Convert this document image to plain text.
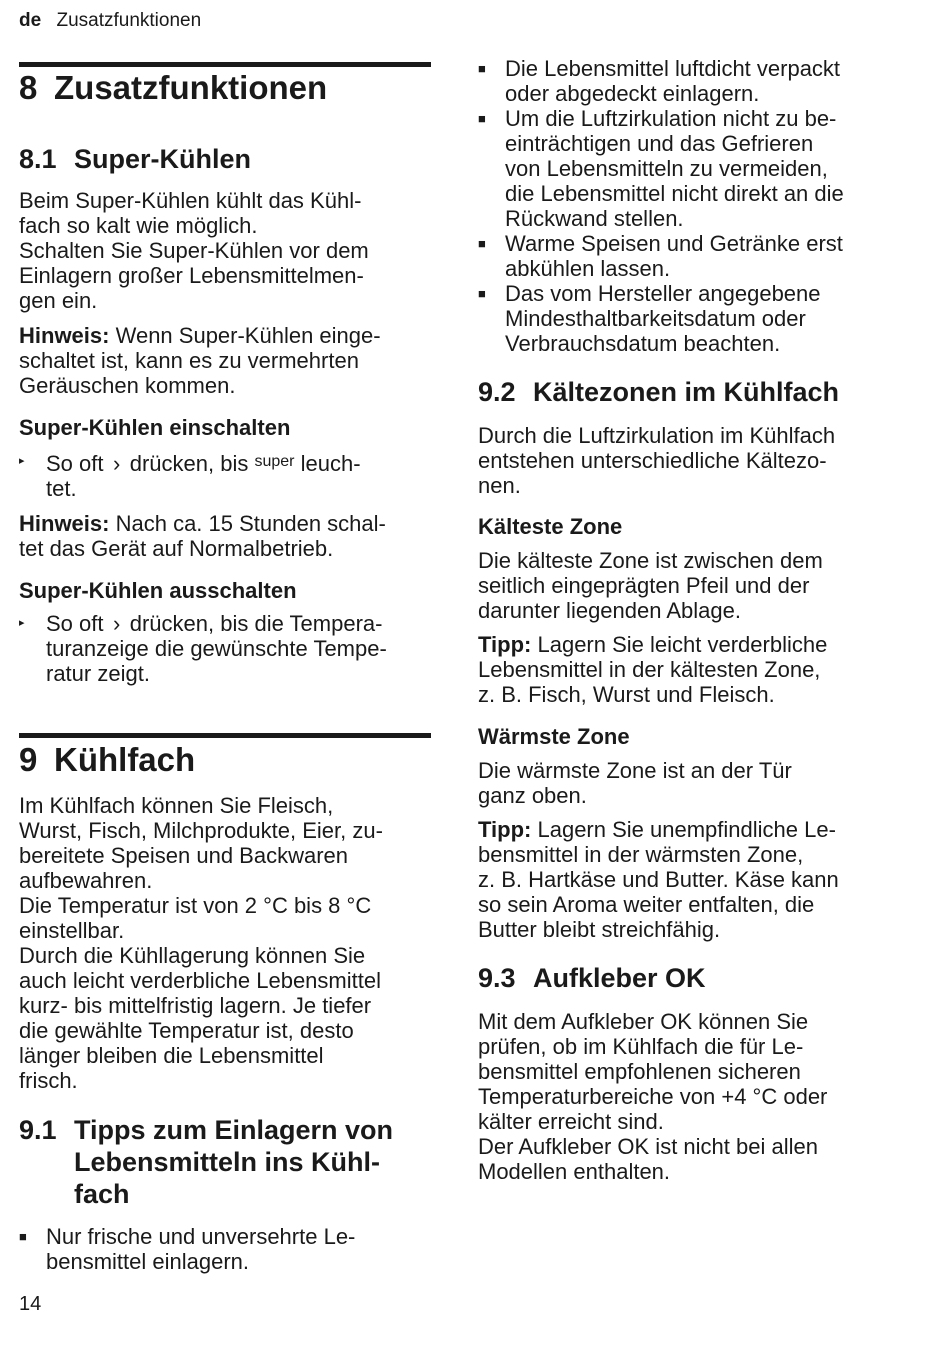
de Zusatzfunktionen
8 Zusatzfunktionen
8.1 Super-Kühlen

Beim Super-Kühlen kühlt das Kühl-

fach so kalt wie möglich.

Schalten Sie Super-Kühlen vor dem

Einlagern großer Lebensmittelmen-

gen ein.

Hinweis: Wenn Super-Kühlen einge-

schaltet ist, kann es zu vermehrten

Geräuschen kommen.

Super-Kühlen einschalten
▸ So oft › drücken, bis $^{super}$ leuch-

tet.

Hinweis: Nach ca. 15 Stunden schal-

tet das Gerät auf Normalbetrieb.

Super-Kühlen ausschalten
▸ So oft › drücken, bis die Tempera-

turanzeige die gewünschte Tempe-

ratur zeigt.

9 Kühlfach

Im Kühlfach können Sie Fleisch,

Wurst, Fisch, Milchprodukte, Eier, zu-

bereitete Speisen und Backwaren

aufbewahren.

Die Temperatur ist von 2 °C bis 8 °C

einstellbar.

Durch die Kühllagerung können Sie

auch leicht verderbliche Lebensmittel

kurz- bis mittelfristig lagern. Je tiefer

die gewählte Temperatur ist, desto

länger bleiben die Lebensmittel

frisch.

9.1 Tipps zum Einlagern von
Lebensmitteln ins Kühl-
fach
■ Nur frische und unversehrte Le-

bensmittel einlagern.

■ Die Lebensmittel luftdicht verpackt

oder abgedeckt einlagern.

■ Um die Luftzirkulation nicht zu be-

einträchtigen und das Gefrieren

von Lebensmitteln zu vermeiden,

die Lebensmittel nicht direkt an die

Rückwand stellen.

■ Warme Speisen und Getränke erst

abkühlen lassen.

■ Das vom Hersteller angegebene

Mindesthaltbarkeitsdatum oder

Verbrauchsdatum beachten.

9.2 Kältezonen im Kühlfach

Durch die Luftzirkulation im Kühlfach

entstehen unterschiedliche Kältezo-

nen.

Kälteste Zone

Die kälteste Zone ist zwischen dem

seitlich eingeprägten Pfeil und der

darunter liegenden Ablage.

Tipp: Lagern Sie leicht verderbliche

Lebensmittel in der kältesten Zone,

z. B. Fisch, Wurst und Fleisch.

Wärmste Zone

Die wärmste Zone ist an der Tür

ganz oben.

Tipp: Lagern Sie unempfindliche Le-

bensmittel in der wärmsten Zone,

z. B. Hartkäse und Butter. Käse kann

so sein Aroma weiter entfalten, die

Butter bleibt streichfähig.

9.3 Aufkleber OK

Mit dem Aufkleber OK können Sie

prüfen, ob im Kühlfach die für Le-

bensmittel empfohlenen sicheren

Temperaturbereiche von +4 °C oder

kälter erreicht sind.

Der Aufkleber OK ist nicht bei allen

Modellen enthalten.

14
